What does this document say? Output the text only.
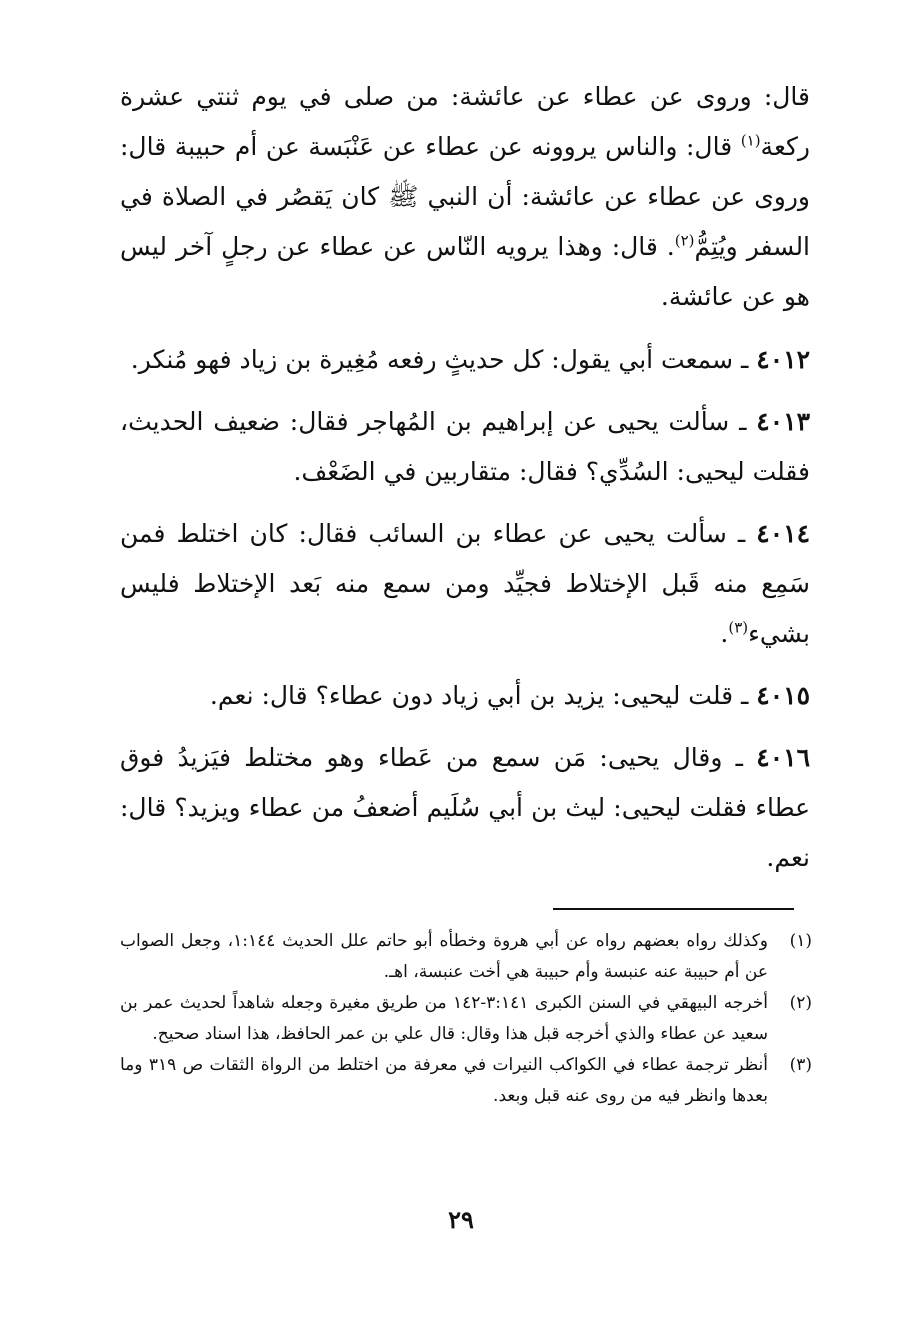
قال: وروى عن عطاء عن عائشة: من صلى في يوم ثنتي عشرة ركعة$^{(١)}$ قال: والناس يروونه عن عطاء عن عَنْبَسة عن أم حبيبة قال: وروى عن عطاء عن عائشة: أن النبي ﷺ كان يَقصُر في الصلاة في السفر ويُتِمُّ$^{(٢)}$. قال: وهذا يرويه النّاس عن عطاء عن رجلٍ آخر ليس هو عن عائشة.

٤٠١٢ ـ سمعت أبي يقول: كل حديثٍ رفعه مُغِيرة بن زياد فهو مُنكر.

٤٠١٣ ـ سألت يحيى عن إبراهيم بن المُهاجر فقال: ضعيف الحديث، فقلت ليحيى: السُدِّي؟ فقال: متقاربين في الضَعْف.

٤٠١٤ ـ سألت يحيى عن عطاء بن السائب فقال: كان اختلط فمن سَمِع منه قَبل الإختلاط فجيِّد ومن سمع منه بَعد الإختلاط فليس بشيء$^{(٣)}$.

٤٠١٥ ـ قلت ليحيى: يزيد بن أبي زياد دون عطاء؟ قال: نعم.

٤٠١٦ ـ وقال يحيى: مَن سمع من عَطاء وهو مختلط فيَزيدُ فوق عطاء فقلت ليحيى: ليث بن أبي سُلَيم أضعفُ من عطاء ويزيد؟ قال: نعم.

(١)
وكذلك رواه بعضهم رواه عن أبي هروة وخطأه أبو حاتم علل الحديث ١:١٤٤، وجعل الصواب عن أم حبيبة عنه عنبسة وأم حبيبة هي أخت عنبسة، اهـ.
(٢)
أخرجه البيهقي في السنن الكبرى ٣:١٤١-١٤٢ من طريق مغيرة وجعله شاهداً لحديث عمر بن سعيد عن عطاء والذي أخرجه قبل هذا وقال: قال علي بن عمر الحافظ، هذا اسناد صحيح.
(٣)
أنظر ترجمة عطاء في الكواكب النيرات في معرفة من اختلط من الرواة الثقات ص ٣١٩ وما بعدها وانظر فيه من روى عنه قبل وبعد.
٢٩
